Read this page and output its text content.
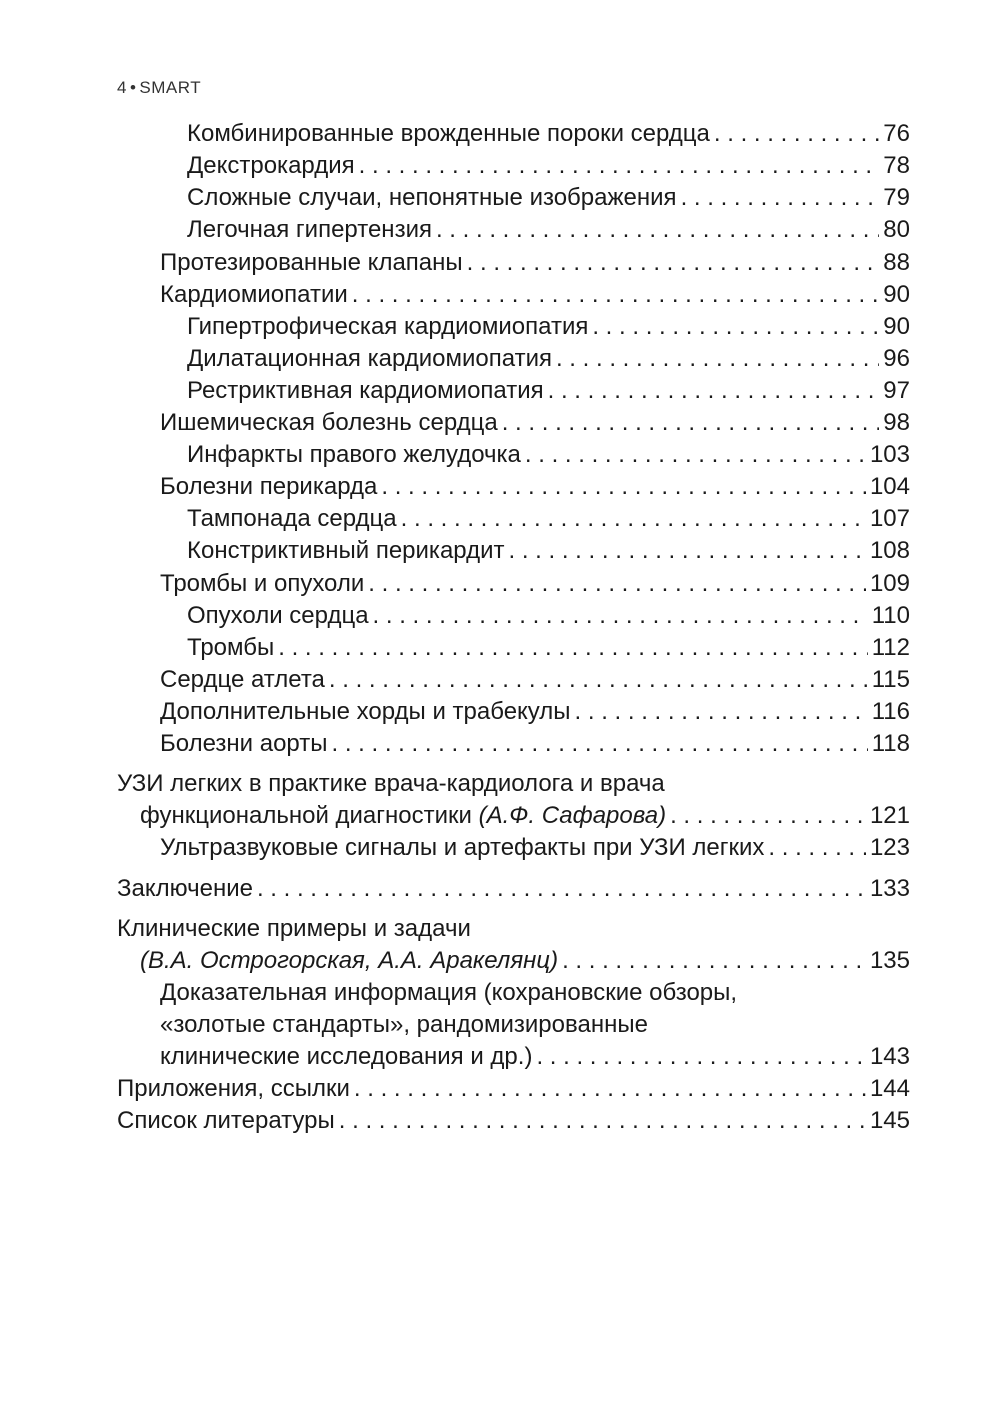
4 • SMART
Комбинированные врожденные пороки сердца . . .	76
Декстрокардия . . .	78
Сложные случаи, непонятные изображения . . .	79
Легочная гипертензия . . .	80
Протезированные клапаны . . .	88
Кардиомиопатии . . .	90
Гипертрофическая кардиомиопатия . . .	90
Дилатационная кардиомиопатия . . .	96
Рестриктивная кардиомиопатия . . .	97
Ишемическая болезнь сердца . . .	98
Инфаркты правого желудочка . . .	103
Болезни перикарда . . .	104
Тампонада сердца . . .	107
Констриктивный перикардит . . .	108
Тромбы и опухоли . . .	109
Опухоли сердца . . .	110
Тромбы . . .	112
Сердце атлета . . .	115
Дополнительные хорды и трабекулы . . .	116
Болезни аорты . . .	118
УЗИ легких в практике врача-кардиолога и врача
функциональной диагностики (А.Ф. Сафарова) . . .	121
Ультразвуковые сигналы и артефакты при УЗИ легких . . .	123
Заключение . . .	133
Клинические примеры и задачи
(В.А. Острогорская, А.А. Аракелянц) . . .	135
Доказательная информация (кохрановские обзоры,
«золотые стандарты», рандомизированные
клинические исследования и др.) . . .	143
Приложения, ссылки . . .	144
Список литературы . . .	145
